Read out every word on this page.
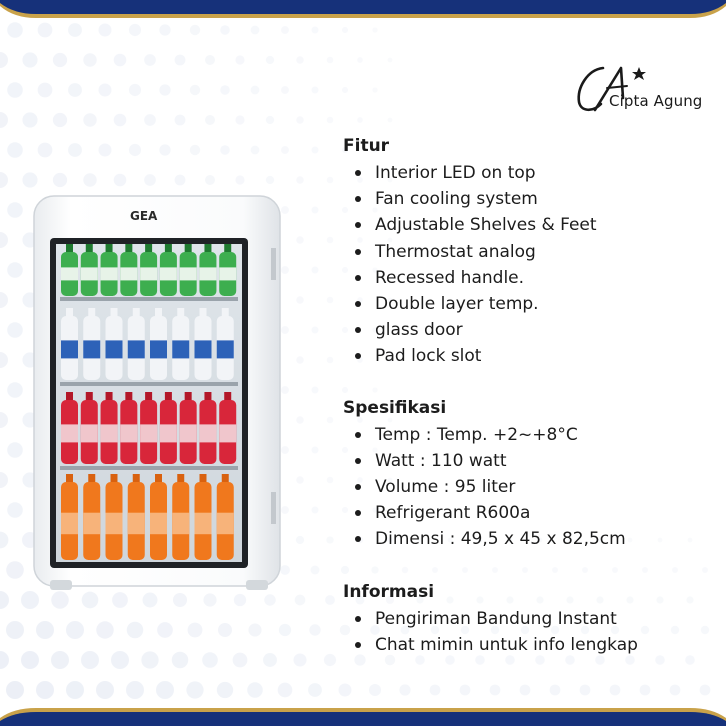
Cipta Agung
GEA
Fitur
Interior LED on top
Fan cooling system
Adjustable Shelves & Feet
Thermostat analog
Recessed handle.
Double layer temp.
glass door
Pad lock slot
Spesifikasi
Temp : Temp. +2~+8°C
Watt : 110 watt
Volume : 95 liter
Refrigerant R600a
Dimensi : 49,5 x 45 x 82,5cm
Informasi
Pengiriman Bandung Instant
Chat mimin untuk info lengkap
